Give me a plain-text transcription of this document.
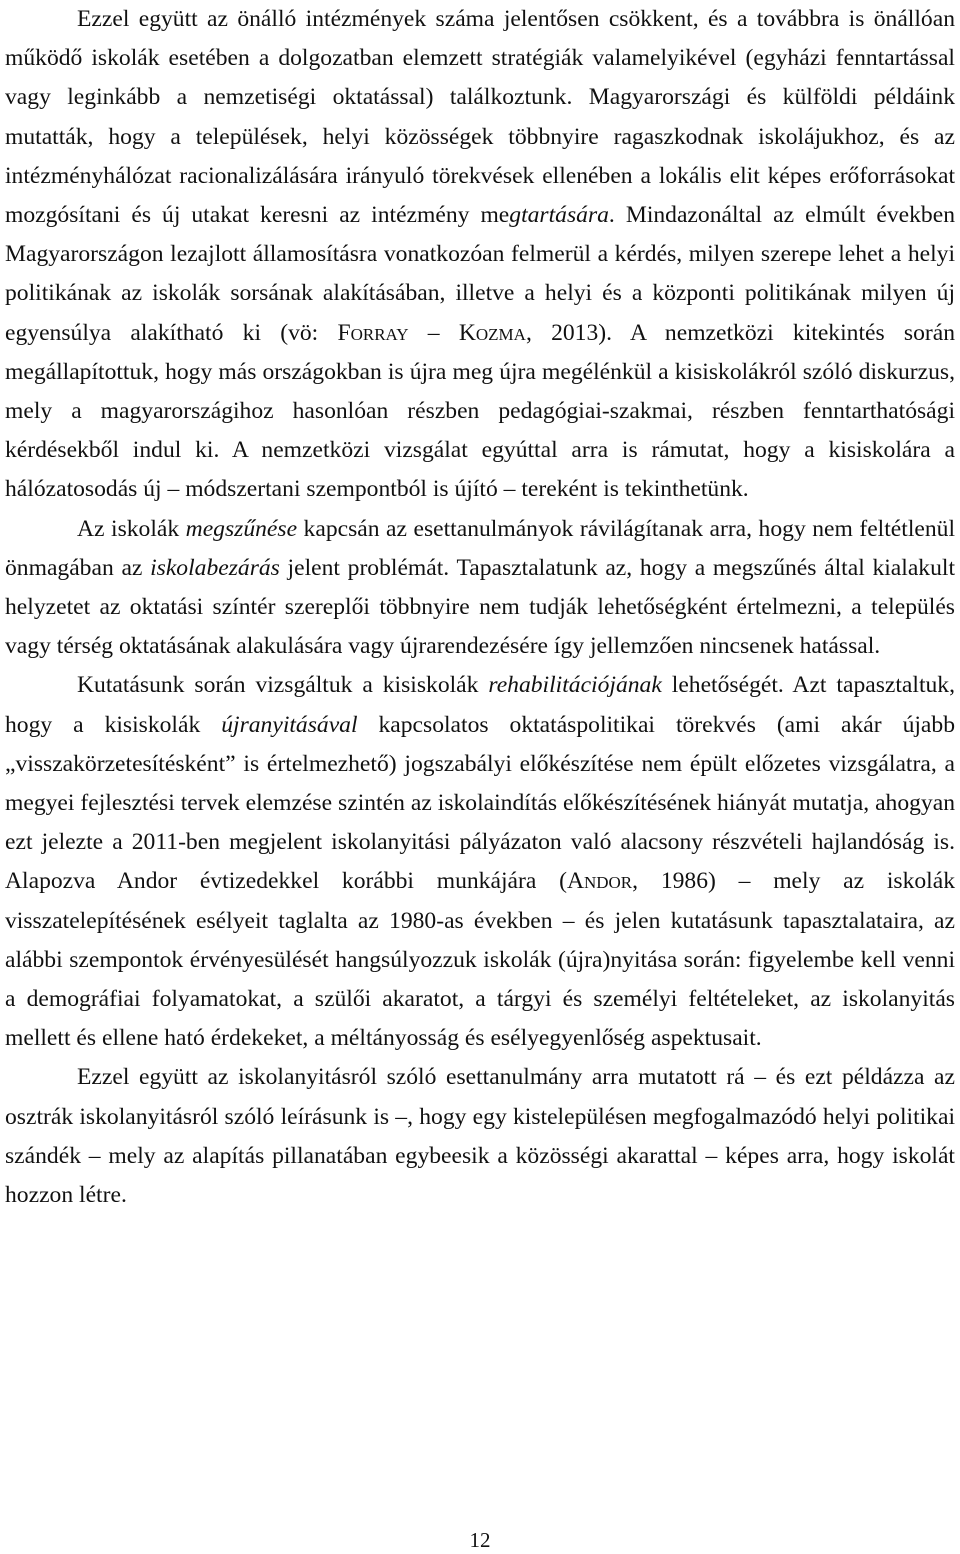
Ezzel együtt az önálló intézmények száma jelentősen csökkent, és a továbbra is önállóan működő iskolák esetében a dolgozatban elemzett stratégiák valamelyikével (egyházi fenntartással vagy leginkább a nemzetiségi oktatással) találkoztunk. Magyarországi és külföldi példáink mutatták, hogy a települések, helyi közösségek többnyire ragaszkodnak iskolájukhoz, és az intézményhálózat racionalizálására irányuló törekvések ellenében a lokális elit képes erőforrásokat mozgósítani és új utakat keresni az intézmény megtartására. Mindazonáltal az elmúlt években Magyarországon lezajlott államosításra vonatkozóan felmerül a kérdés, milyen szerepe lehet a helyi politikának az iskolák sorsának alakításában, illetve a helyi és a központi politikának milyen új egyensúlya alakítható ki (vö: Forray – Kozma, 2013). A nemzetközi kitekintés során megállapítottuk, hogy más országokban is újra meg újra megélénkül a kisiskolákról szóló diskurzus, mely a magyarországihoz hasonlóan részben pedagógiai-szakmai, részben fenntarthatósági kérdésekből indul ki. A nemzetközi vizsgálat egyúttal arra is rámutat, hogy a kisiskolára a hálózatosodás új – módszertani szempontból is újító – tereként is tekinthetünk.

Az iskolák megszűnése kapcsán az esettanulmányok rávilágítanak arra, hogy nem feltétlenül önmagában az iskolabezárás jelent problémát. Tapasztalatunk az, hogy a megszűnés által kialakult helyzetet az oktatási színtér szereplői többnyire nem tudják lehetőségként értelmezni, a település vagy térség oktatásának alakulására vagy újrarendezésére így jellemzően nincsenek hatással.

Kutatásunk során vizsgáltuk a kisiskolák rehabilitációjának lehetőségét. Azt tapasztaltuk, hogy a kisiskolák újranyitásával kapcsolatos oktatáspolitikai törekvés (ami akár újabb „visszakörzetesítésként” is értelmezhető) jogszabályi előkészítése nem épült előzetes vizsgálatra, a megyei fejlesztési tervek elemzése szintén az iskolaindítás előkészítésének hiányát mutatja, ahogyan ezt jelezte a 2011-ben megjelent iskolanyitási pályázaton való alacsony részvételi hajlandóság is. Alapozva Andor évtizedekkel korábbi munkájára (Andor, 1986) – mely az iskolák visszatelepítésének esélyeit taglalta az 1980-as években – és jelen kutatásunk tapasztalataira, az alábbi szempontok érvényesülését hangsúlyozzuk iskolák (újra)nyitása során: figyelembe kell venni a demográfiai folyamatokat, a szülői akaratot, a tárgyi és személyi feltételeket, az iskolanyitás mellett és ellene ható érdekeket, a méltányosság és esélyegyenlőség aspektusait.

Ezzel együtt az iskolanyitásról szóló esettanulmány arra mutatott rá – és ezt példázza az osztrák iskolanyitásról szóló leírásunk is –, hogy egy kistelepülésen megfogalmazódó helyi politikai szándék – mely az alapítás pillanatában egybeesik a közösségi akarattal – képes arra, hogy iskolát hozzon létre.

12
